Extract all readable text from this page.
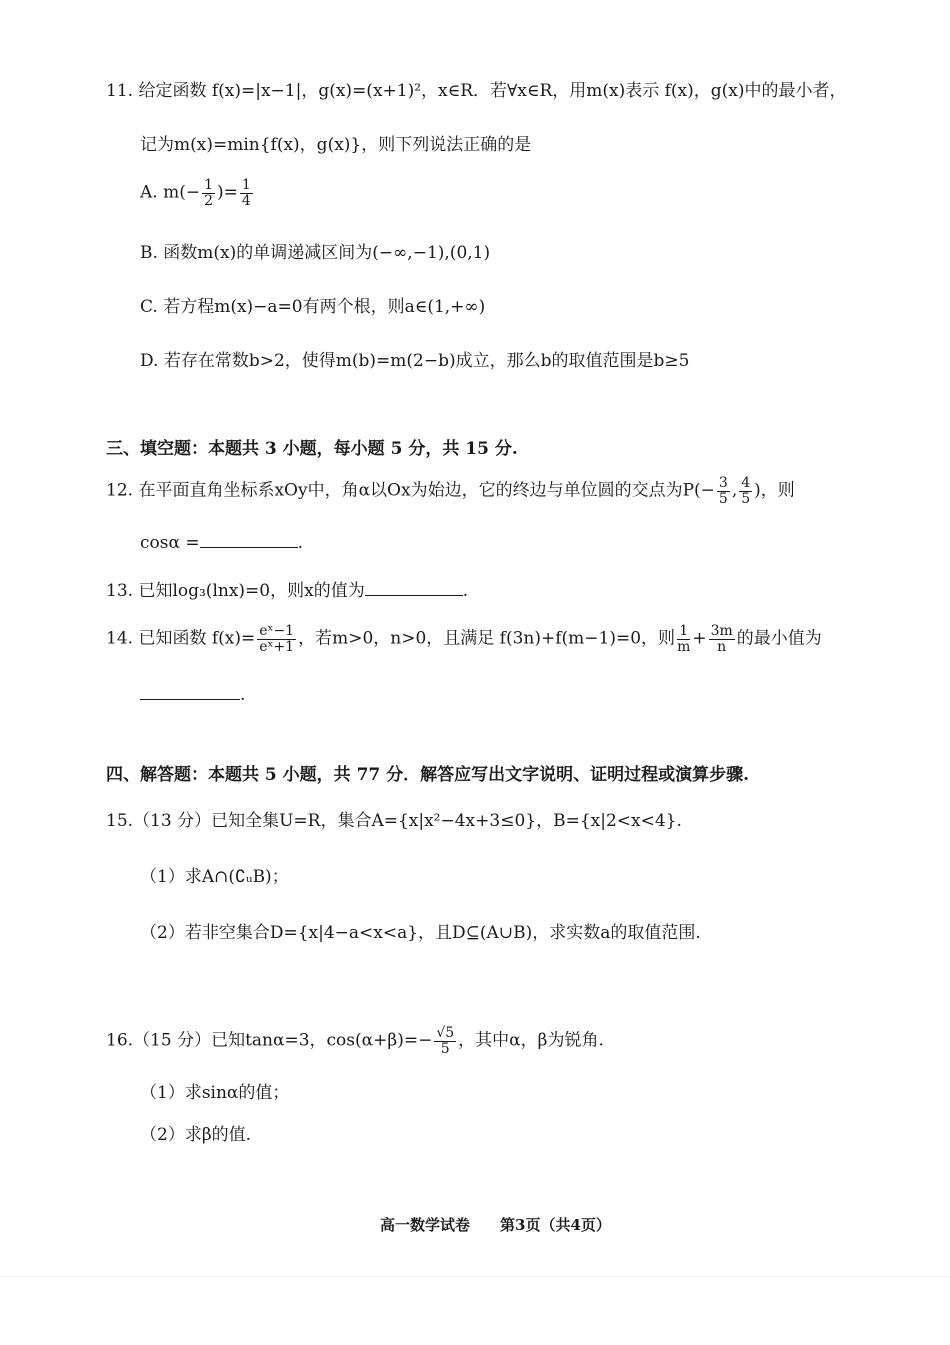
11. 给定函数 f(x)=|x−1|，g(x)=(x+1)²，x∈R．若∀x∈R，用m(x)表示 f(x)，g(x)中的最小者，
记为m(x)=min{f(x)，g(x)}，则下列说法正确的是
A. $m(- \frac{1}{2}$ )= $\frac{1}{4}$
B. 函数m(x)的单调递减区间为(−∞,−1),(0,1)
C. 若方程m(x)−a=0有两个根，则a∈(1,+∞)
D. 若存在常数b>2，使得m(b)=m(2−b)成立，那么b的取值范围是b≥5
三、填空题：本题共 3 小题，每小题 5 分，共 15 分.
12. 在平面直角坐标系xOy中，角α以Ox为始边，它的终边与单位圆的交点为$P(- \frac{3}{5}$ , $\frac{4}{5}$ )，则
cosα =	.
13. 已知log₃(lnx)=0，则x的值为	.
14. 已知函数 $f(x)= \frac{\text{eˣ−1}}{\text{eˣ+1}}$ ，若m>0，n>0，且满足 f(3n)+f(m−1)=0，则 $\frac{1}{m} + \frac{3m}{n}$ 的最小值为
.
四、解答题：本题共 5 小题，共 77 分．解答应写出文字说明、证明过程或演算步骤.
15.（13 分）已知全集U=R，集合A={x|x²−4x+3≤0}，B={x|2<x<4}.
（1）求A∩(∁ᵤB)；
（2）若非空集合D={x|4−a<x<a}，且D⊆(A∪B)，求实数a的取值范围.
16.（15 分）已知tanα=3，$\cos(\alpha+\beta)=- \frac{√5}{5}$ ，其中α，β为锐角.
（1）求sinα的值；
（2）求β的值.
高一数学试卷　　第3页（共4页）
